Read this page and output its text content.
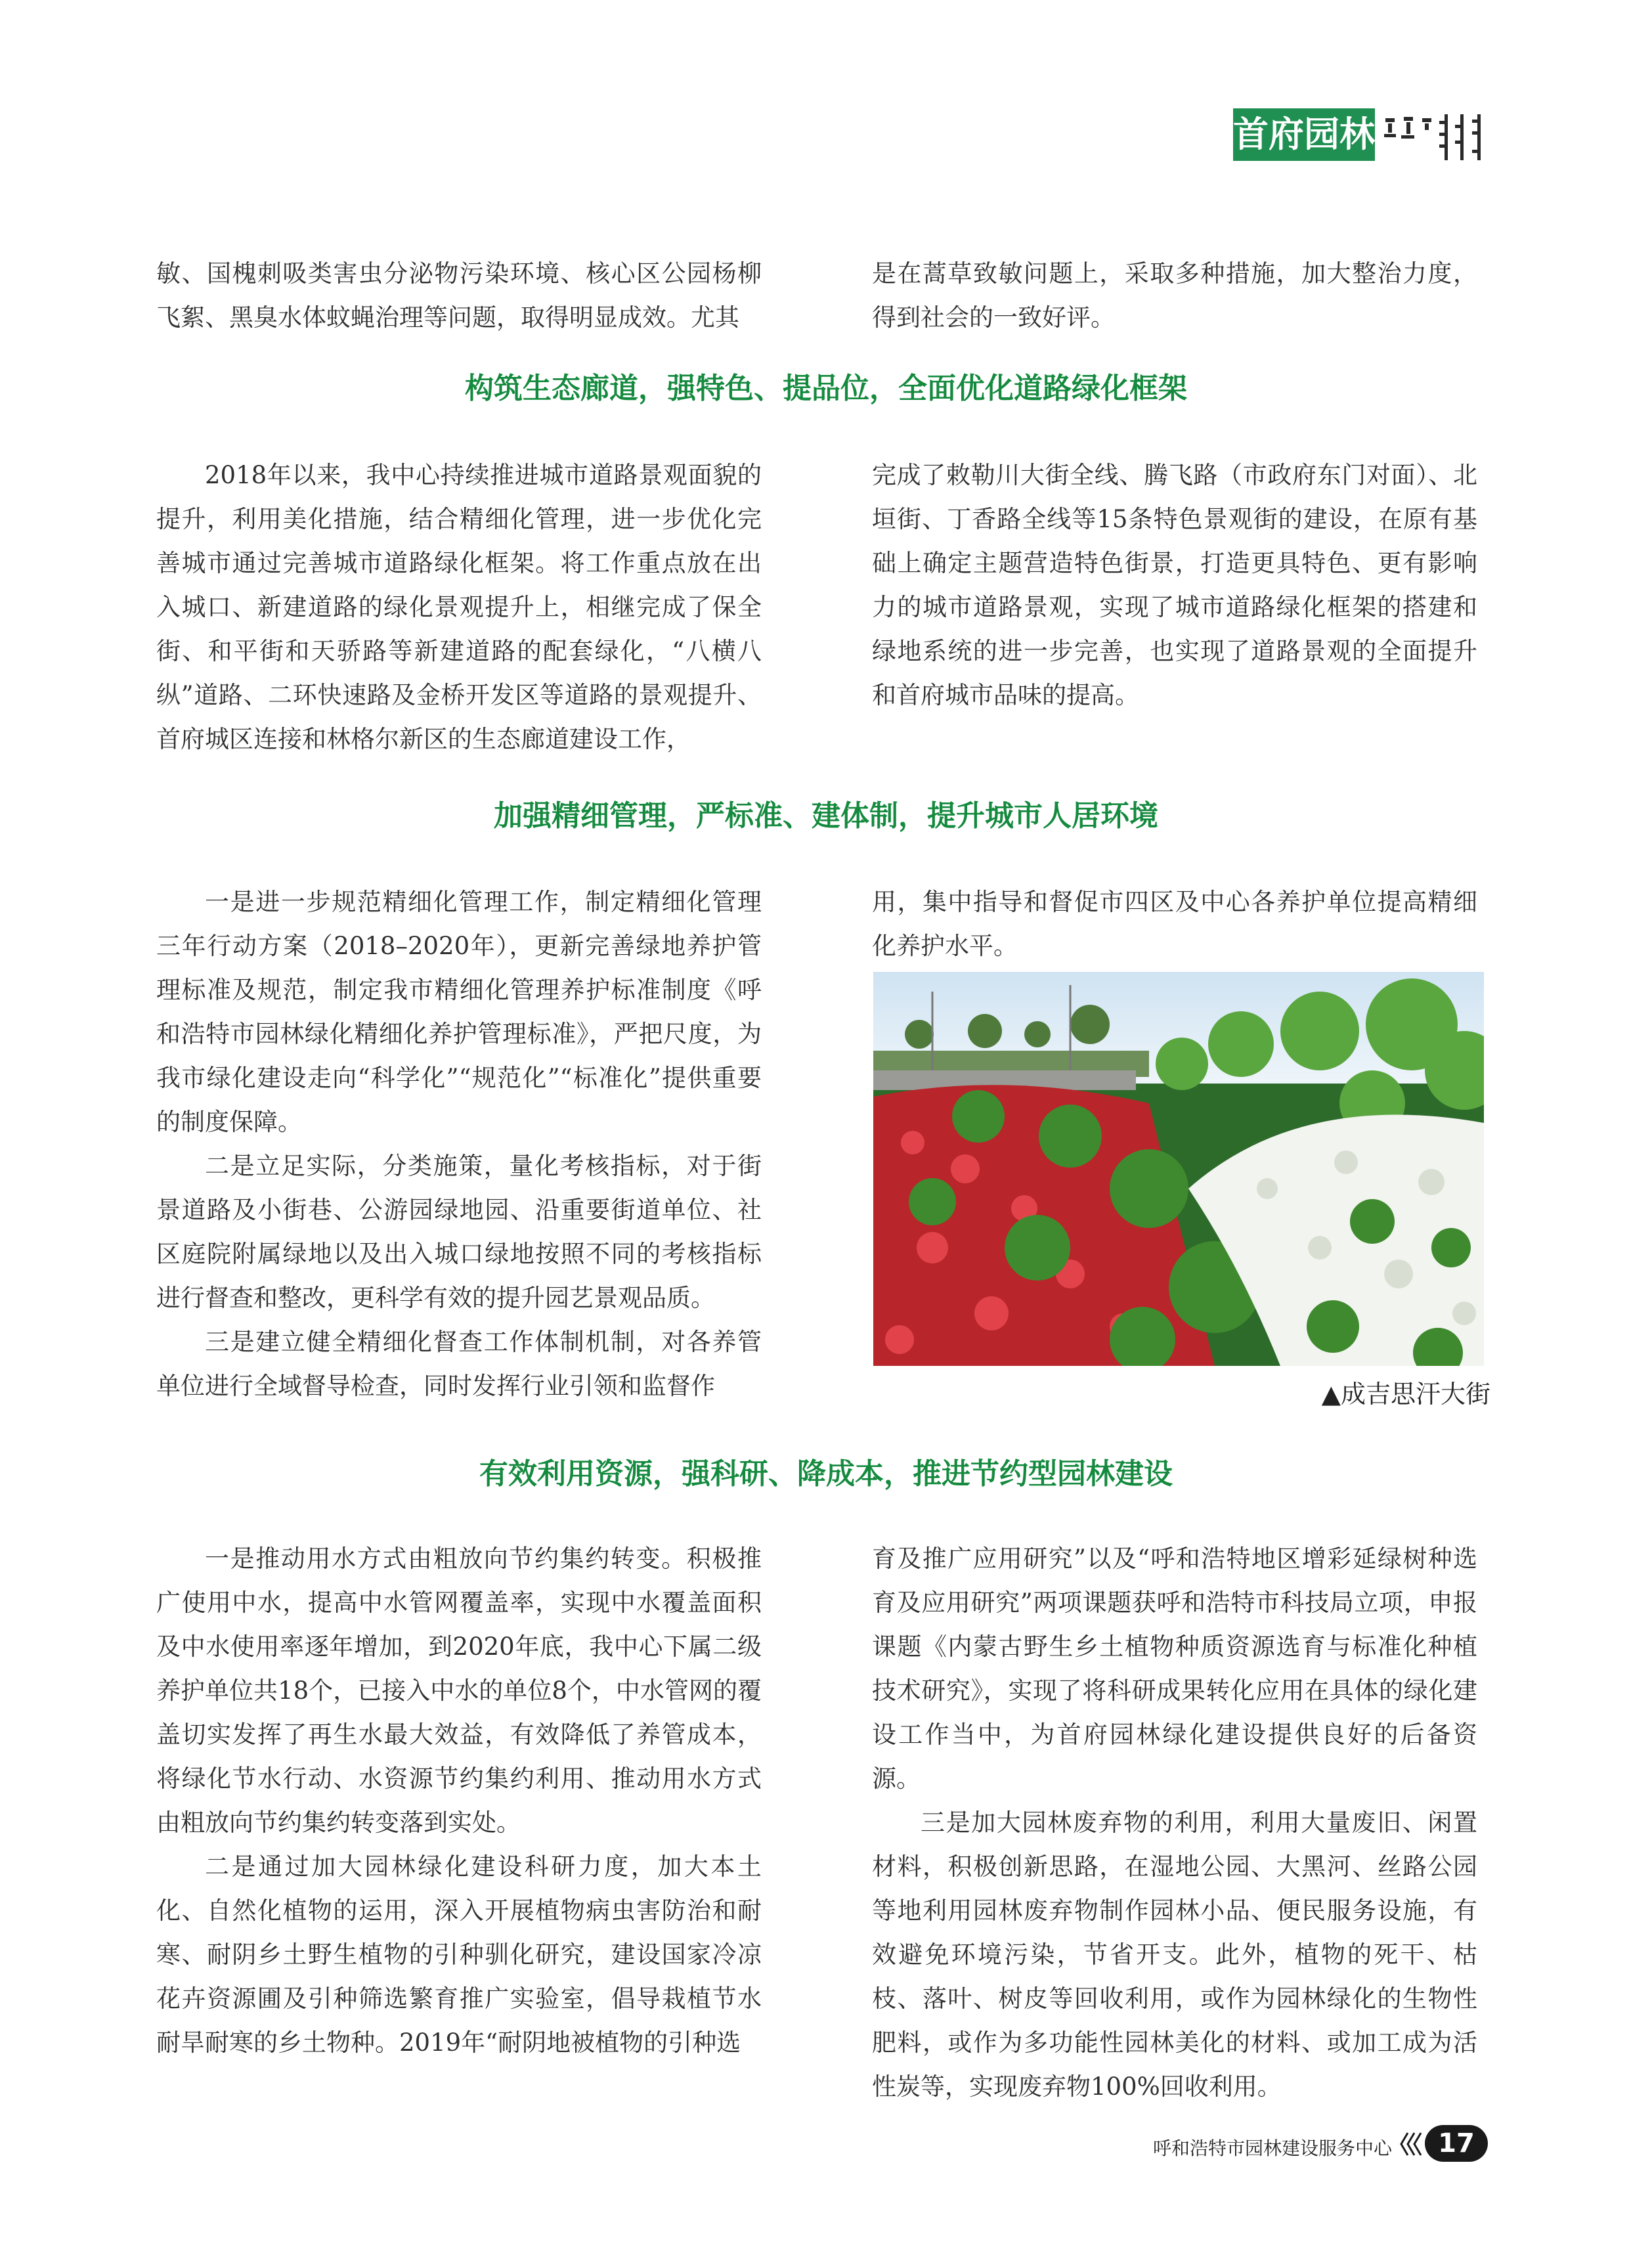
首府园林

敏、国槐刺吸类害虫分泌物污染环境、核心区公园杨柳飞絮、黑臭水体蚊蝇治理等问题，取得明显成效。尤其

是在蒿草致敏问题上，采取多种措施，加大整治力度，得到社会的一致好评。

构筑生态廊道，强特色、提品位，全面优化道路绿化框架

2018年以来，我中心持续推进城市道路景观面貌的提升，利用美化措施，结合精细化管理，进一步优化完善城市通过完善城市道路绿化框架。将工作重点放在出入城口、新建道路的绿化景观提升上，相继完成了保全街、和平街和天骄路等新建道路的配套绿化，“八横八纵”道路、二环快速路及金桥开发区等道路的景观提升、首府城区连接和林格尔新区的生态廊道建设工作，

完成了敕勒川大街全线、腾飞路（市政府东门对面）、北垣街、丁香路全线等15条特色景观街的建设，在原有基础上确定主题营造特色街景，打造更具特色、更有影响力的城市道路景观，实现了城市道路绿化框架的搭建和绿地系统的进一步完善，也实现了道路景观的全面提升和首府城市品味的提高。

加强精细管理，严标准、建体制，提升城市人居环境

一是进一步规范精细化管理工作，制定精细化管理三年行动方案（2018–2020年），更新完善绿地养护管理标准及规范，制定我市精细化管理养护标准制度《呼和浩特市园林绿化精细化养护管理标准》，严把尺度，为我市绿化建设走向“科学化”“规范化”“标准化”提供重要的制度保障。

二是立足实际，分类施策，量化考核指标，对于街景道路及小街巷、公游园绿地园、沿重要街道单位、社区庭院附属绿地以及出入城口绿地按照不同的考核指标进行督查和整改，更科学有效的提升园艺景观品质。

三是建立健全精细化督查工作体制机制，对各养管单位进行全域督导检查，同时发挥行业引领和监督作

用，集中指导和督促市四区及中心各养护单位提高精细化养护水平。

▲成吉思汗大街
有效利用资源，强科研、降成本，推进节约型园林建设

一是推动用水方式由粗放向节约集约转变。积极推广使用中水，提高中水管网覆盖率，实现中水覆盖面积及中水使用率逐年增加，到2020年底，我中心下属二级养护单位共18个，已接入中水的单位8个，中水管网的覆盖切实发挥了再生水最大效益，有效降低了养管成本，将绿化节水行动、水资源节约集约利用、推动用水方式由粗放向节约集约转变落到实处。

二是通过加大园林绿化建设科研力度，加大本土化、自然化植物的运用，深入开展植物病虫害防治和耐寒、耐阴乡土野生植物的引种驯化研究，建设国家冷凉花卉资源圃及引种筛选繁育推广实验室，倡导栽植节水耐旱耐寒的乡土物种。2019年“耐阴地被植物的引种选

育及推广应用研究”以及“呼和浩特地区增彩延绿树种选育及应用研究”两项课题获呼和浩特市科技局立项，申报课题《内蒙古野生乡土植物种质资源选育与标准化种植技术研究》，实现了将科研成果转化应用在具体的绿化建设工作当中，为首府园林绿化建设提供良好的后备资源。

三是加大园林废弃物的利用，利用大量废旧、闲置材料，积极创新思路，在湿地公园、大黑河、丝路公园等地利用园林废弃物制作园林小品、便民服务设施，有效避免环境污染，节省开支。此外，植物的死干、枯枝、落叶、树皮等回收利用，或作为园林绿化的生物性肥料，或作为多功能性园林美化的材料、或加工成为活性炭等，实现废弃物100%回收利用。

呼和浩特市园林建设服务中心	17
